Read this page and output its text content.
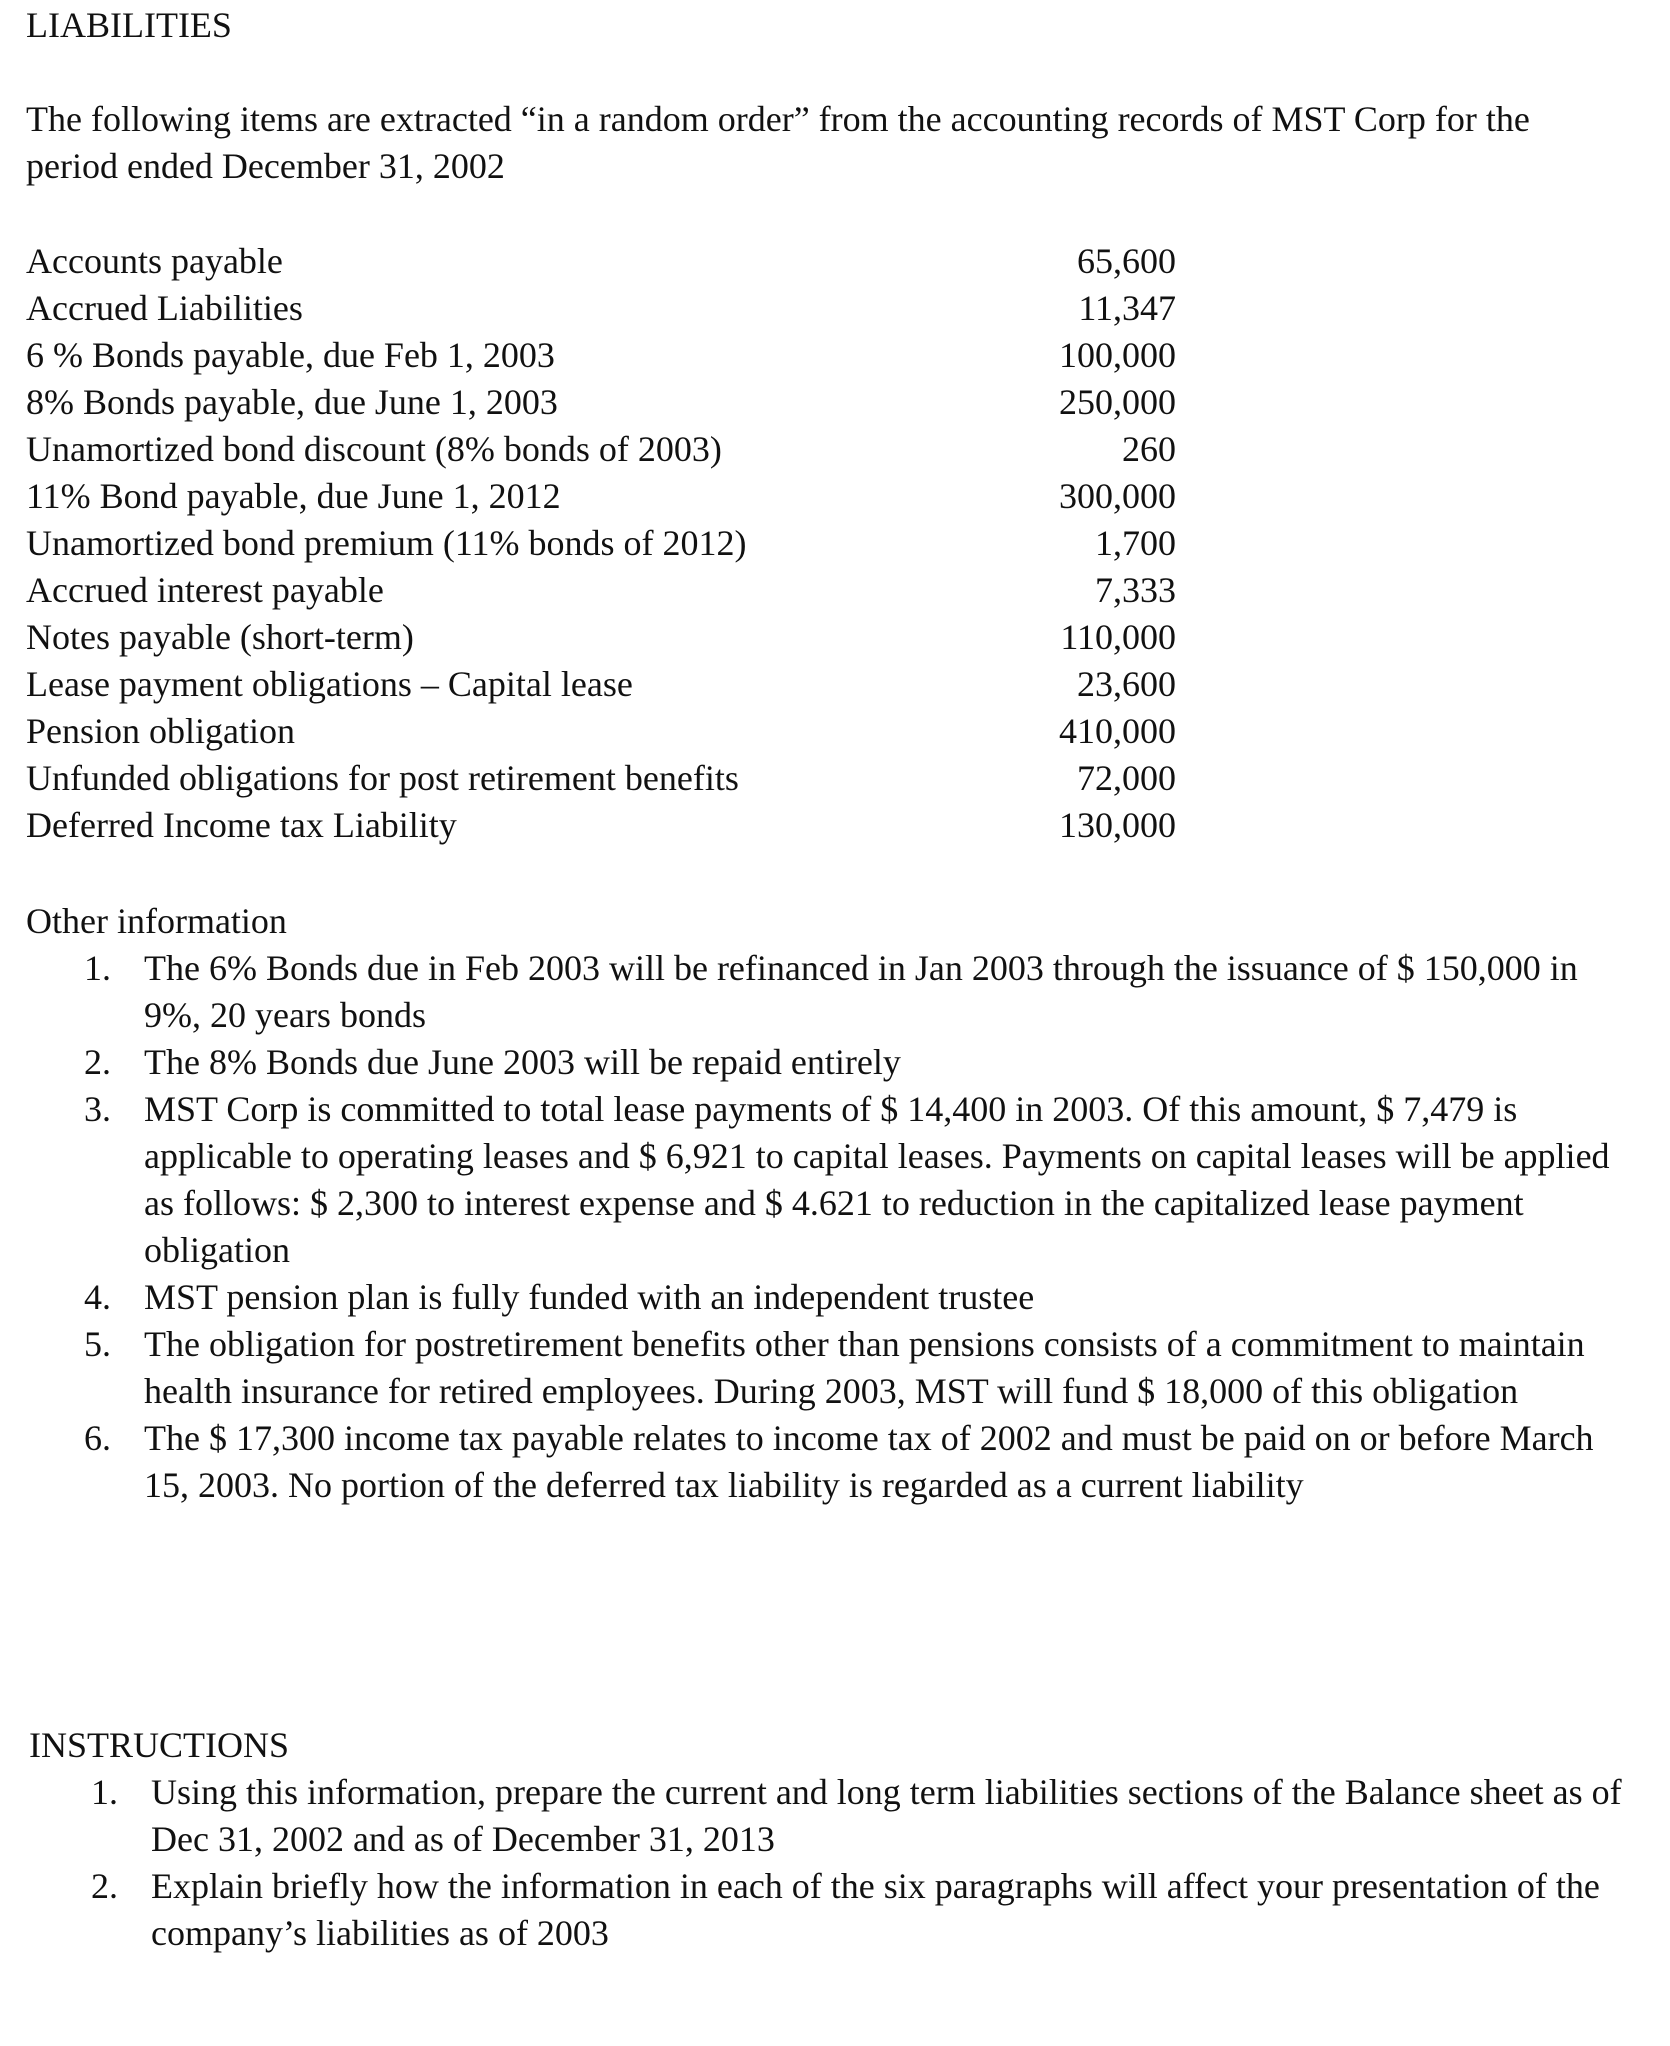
LIABILITIES
The following items are extracted “in a random order” from the accounting records of MST Corp for the period ended December 31, 2002
Accounts payable	65,600
Accrued Liabilities	11,347
6 % Bonds payable, due Feb 1, 2003	100,000
8% Bonds payable, due June 1, 2003	250,000
Unamortized bond discount (8% bonds of 2003)	260
11% Bond payable, due June 1, 2012	300,000
Unamortized bond premium (11% bonds of 2012)	1,700
Accrued interest payable	7,333
Notes payable (short-term)	110,000
Lease payment obligations – Capital lease	23,600
Pension obligation	410,000
Unfunded obligations for post retirement benefits	72,000
Deferred Income tax Liability	130,000
Other information
1. The 6% Bonds due in Feb 2003 will be refinanced in Jan 2003 through the issuance of $ 150,000 in 9%, 20 years bonds
2. The 8% Bonds due June 2003 will be repaid entirely
3. MST Corp is committed to total lease payments of $ 14,400 in 2003. Of this amount, $ 7,479 is applicable to operating leases and $ 6,921 to capital leases. Payments on capital leases will be applied as follows: $ 2,300 to interest expense and $ 4.621 to reduction in the capitalized lease payment obligation
4. MST pension plan is fully funded with an independent trustee
5. The obligation for postretirement benefits other than pensions consists of a commitment to maintain health insurance for retired employees. During 2003, MST will fund $ 18,000 of this obligation
6. The $ 17,300 income tax payable relates to income tax of 2002 and must be paid on or before March 15, 2003. No portion of the deferred tax liability is regarded as a current liability
INSTRUCTIONS
1. Using this information, prepare the current and long term liabilities sections of the Balance sheet as of Dec 31, 2002 and as of December 31, 2013
2. Explain briefly how the information in each of the six paragraphs will affect your presentation of the company’s liabilities as of 2003
